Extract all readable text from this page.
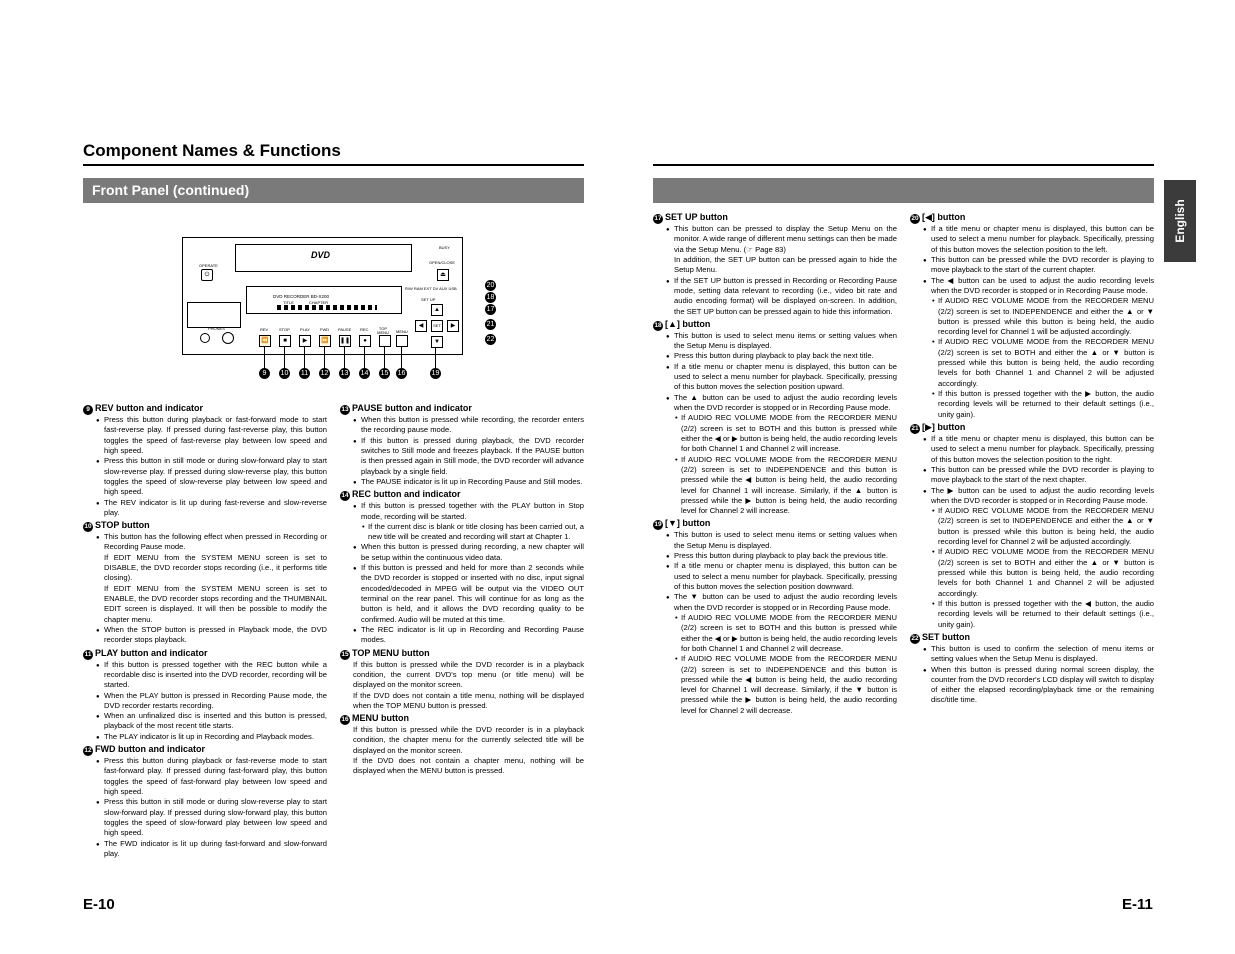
Component Names & Functions
Front Panel (continued)
English
DVD
OPERATE
⏻
BUSY
OPEN/CLOSE
⏏
DVD RECORDER BD-X200
TITLE	CHAPTER
PHONES
R/W RAM EXT DV AUX USB
SET UP
▲
◀	SET	▶
▼
REV	STOP	PLAY	FWD PAUSE REC	TOP MENU MENU
⏪	■	▶	⏩	❚❚	●
9	10 11 12 13 14 15 16
17
18
19
20
21
22
9 REV button and indicator
● Press this button during playback or fast-forward mode to start fast-reverse play. If pressed during fast-reverse play, this button toggles the speed of fast-reverse play between low speed and high speed.
● Press this button in still mode or during slow-forward play to start slow-reverse play. If pressed during slow-reverse play, this button toggles the speed of slow-reverse play between low speed and high speed.
● The REV indicator is lit up during fast-reverse and slow-reverse play.
10 STOP button
● This button has the following effect when pressed in Recording or Recording Pause mode.
If EDIT MENU from the SYSTEM MENU screen is set to DISABLE, the DVD recorder stops recording (i.e., it performs title closing).
If EDIT MENU from the SYSTEM MENU screen is set to ENABLE, the DVD recorder stops recording and the THUMBNAIL EDIT screen is displayed. It will then be possible to modify the chapter menu.
● When the STOP button is pressed in Playback mode, the DVD recorder stops playback.
11 PLAY button and indicator
● If this button is pressed together with the REC button while a recordable disc is inserted into the DVD recorder, recording will be started.
● When the PLAY button is pressed in Recording Pause mode, the DVD recorder restarts recording.
● When an unfinalized disc is inserted and this button is pressed, playback of the most recent title starts.
● The PLAY indicator is lit up in Recording and Playback modes.
12 FWD button and indicator
● Press this button during playback or fast-reverse mode to start fast-forward play. If pressed during fast-forward play, this button toggles the speed of fast-forward play between low speed and high speed.
● Press this button in still mode or during slow-reverse play to start slow-forward play. If pressed during slow-forward play, this button toggles the speed of slow-forward play between low speed and high speed.
● The FWD indicator is lit up during fast-forward and slow-forward play.
13 PAUSE button and indicator
● When this button is pressed while recording, the recorder enters the recording pause mode.
● If this button is pressed during playback, the DVD recorder switches to Still mode and freezes playback. If the PAUSE button is then pressed again in Still mode, the DVD recorder will advance playback by a single field.
● The PAUSE indicator is lit up in Recording Pause and Still modes.
14 REC button and indicator
● If this button is pressed together with the PLAY button in Stop mode, recording will be started.
• If the current disc is blank or title closing has been carried out, a new title will be created and recording will start at Chapter 1.
● When this button is pressed during recording, a new chapter will be setup within the continuous video data.
● If this button is pressed and held for more than 2 seconds while the DVD recorder is stopped or inserted with no disc, input signal encoded/decoded in MPEG will be output via the VIDEO OUT terminal on the rear panel. This will continue for as long as the button is held, and it allows the DVD recording quality to be confirmed. Audio will be muted at this time.
● The REC indicator is lit up in Recording and Recording Pause modes.
15 TOP MENU button
If this button is pressed while the DVD recorder is in a playback condition, the current DVD's top menu (or title menu) will be displayed on the monitor screen.
If the DVD does not contain a title menu, nothing will be displayed when the TOP MENU button is pressed.
16 MENU button
If this button is pressed while the DVD recorder is in a playback condition, the chapter menu for the currently selected title will be displayed on the monitor screen.
If the DVD does not contain a chapter menu, nothing will be displayed when the MENU button is pressed.
17 SET UP button
● This button can be pressed to display the Setup Menu on the monitor. A wide range of different menu settings can then be made via the Setup Menu. (☞ Page 83)
In addition, the SET UP button can be pressed again to hide the Setup Menu.
● If the SET UP button is pressed in Recording or Recording Pause mode, setting data relevant to recording (i.e., video bit rate and audio encoding format) will be displayed on-screen. In addition, the SET UP button can be pressed again to hide this information.
18 [▲] button
● This button is used to select menu items or setting values when the Setup Menu is displayed.
● Press this button during playback to play back the next title.
● If a title menu or chapter menu is displayed, this button can be used to select a menu number for playback. Specifically, pressing of this button moves the selection position upward.
● The ▲ button can be used to adjust the audio recording levels when the DVD recorder is stopped or in Recording Pause mode.
• If AUDIO REC VOLUME MODE from the RECORDER MENU (2/2) screen is set to BOTH and this button is pressed while either the ◀ or ▶ button is being held, the audio recording levels for both Channel 1 and Channel 2 will increase.
• If AUDIO REC VOLUME MODE from the RECORDER MENU (2/2) screen is set to INDEPENDENCE and this button is pressed while the ◀ button is being held, the audio recording level for Channel 1 will increase. Similarly, if the ▲ button is pressed while the ▶ button is being held, the audio recording level for Channel 2 will increase.
19 [▼] button
● This button is used to select menu items or setting values when the Setup Menu is displayed.
● Press this button during playback to play back the previous title.
● If a title menu or chapter menu is displayed, this button can be used to select a menu number for playback. Specifically, pressing of this button moves the selection position downward.
● The ▼ button can be used to adjust the audio recording levels when the DVD recorder is stopped or in Recording Pause mode.
• If AUDIO REC VOLUME MODE from the RECORDER MENU (2/2) screen is set to BOTH and this button is pressed while either the ◀ or ▶ button is being held, the audio recording levels for both Channel 1 and Channel 2 will decrease.
• If AUDIO REC VOLUME MODE from the RECORDER MENU (2/2) screen is set to INDEPENDENCE and this button is pressed while the ◀ button is being held, the audio recording level for Channel 1 will decrease. Similarly, if the ▼ button is pressed while the ▶ button is being held, the audio recording level for Channel 2 will decrease.
20 [◀] button
● If a title menu or chapter menu is displayed, this button can be used to select a menu number for playback. Specifically, pressing of this button moves the selection position to the left.
● This button can be pressed while the DVD recorder is playing to move playback to the start of the current chapter.
● The ◀ button can be used to adjust the audio recording levels when the DVD recorder is stopped or in Recording Pause mode.
• If AUDIO REC VOLUME MODE from the RECORDER MENU (2/2) screen is set to INDEPENDENCE and either the ▲ or ▼ button is pressed while this button is being held, the audio recording level for Channel 1 will be adjusted accordingly.
• If AUDIO REC VOLUME MODE from the RECORDER MENU (2/2) screen is set to BOTH and either the ▲ or ▼ button is pressed while this button is being held, the audio recording levels for both Channel 1 and Channel 2 will be adjusted accordingly.
• If this button is pressed together with the ▶ button, the audio recording levels will be returned to their default settings (i.e., unity gain).
21 [▶] button
● If a title menu or chapter menu is displayed, this button can be used to select a menu number for playback. Specifically, pressing of this button moves the selection position to the right.
● This button can be pressed while the DVD recorder is playing to move playback to the start of the next chapter.
● The ▶ button can be used to adjust the audio recording levels when the DVD recorder is stopped or in Recording Pause mode.
• If AUDIO REC VOLUME MODE from the RECORDER MENU (2/2) screen is set to INDEPENDENCE and either the ▲ or ▼ button is pressed while this button is being held, the audio recording level for Channel 2 will be adjusted accordingly.
• If AUDIO REC VOLUME MODE from the RECORDER MENU (2/2) screen is set to BOTH and either the ▲ or ▼ button is pressed while this button is being held, the audio recording levels for both Channel 1 and Channel 2 will be adjusted accordingly.
• If this button is pressed together with the ◀ button, the audio recording levels will be returned to their default settings (i.e., unity gain).
22 SET button
● This button is used to confirm the selection of menu items or setting values when the Setup Menu is displayed.
● When this button is pressed during normal screen display, the counter from the DVD recorder's LCD display will switch to display of either the elapsed recording/playback time or the remaining disc/title time.
E-10	E-11
